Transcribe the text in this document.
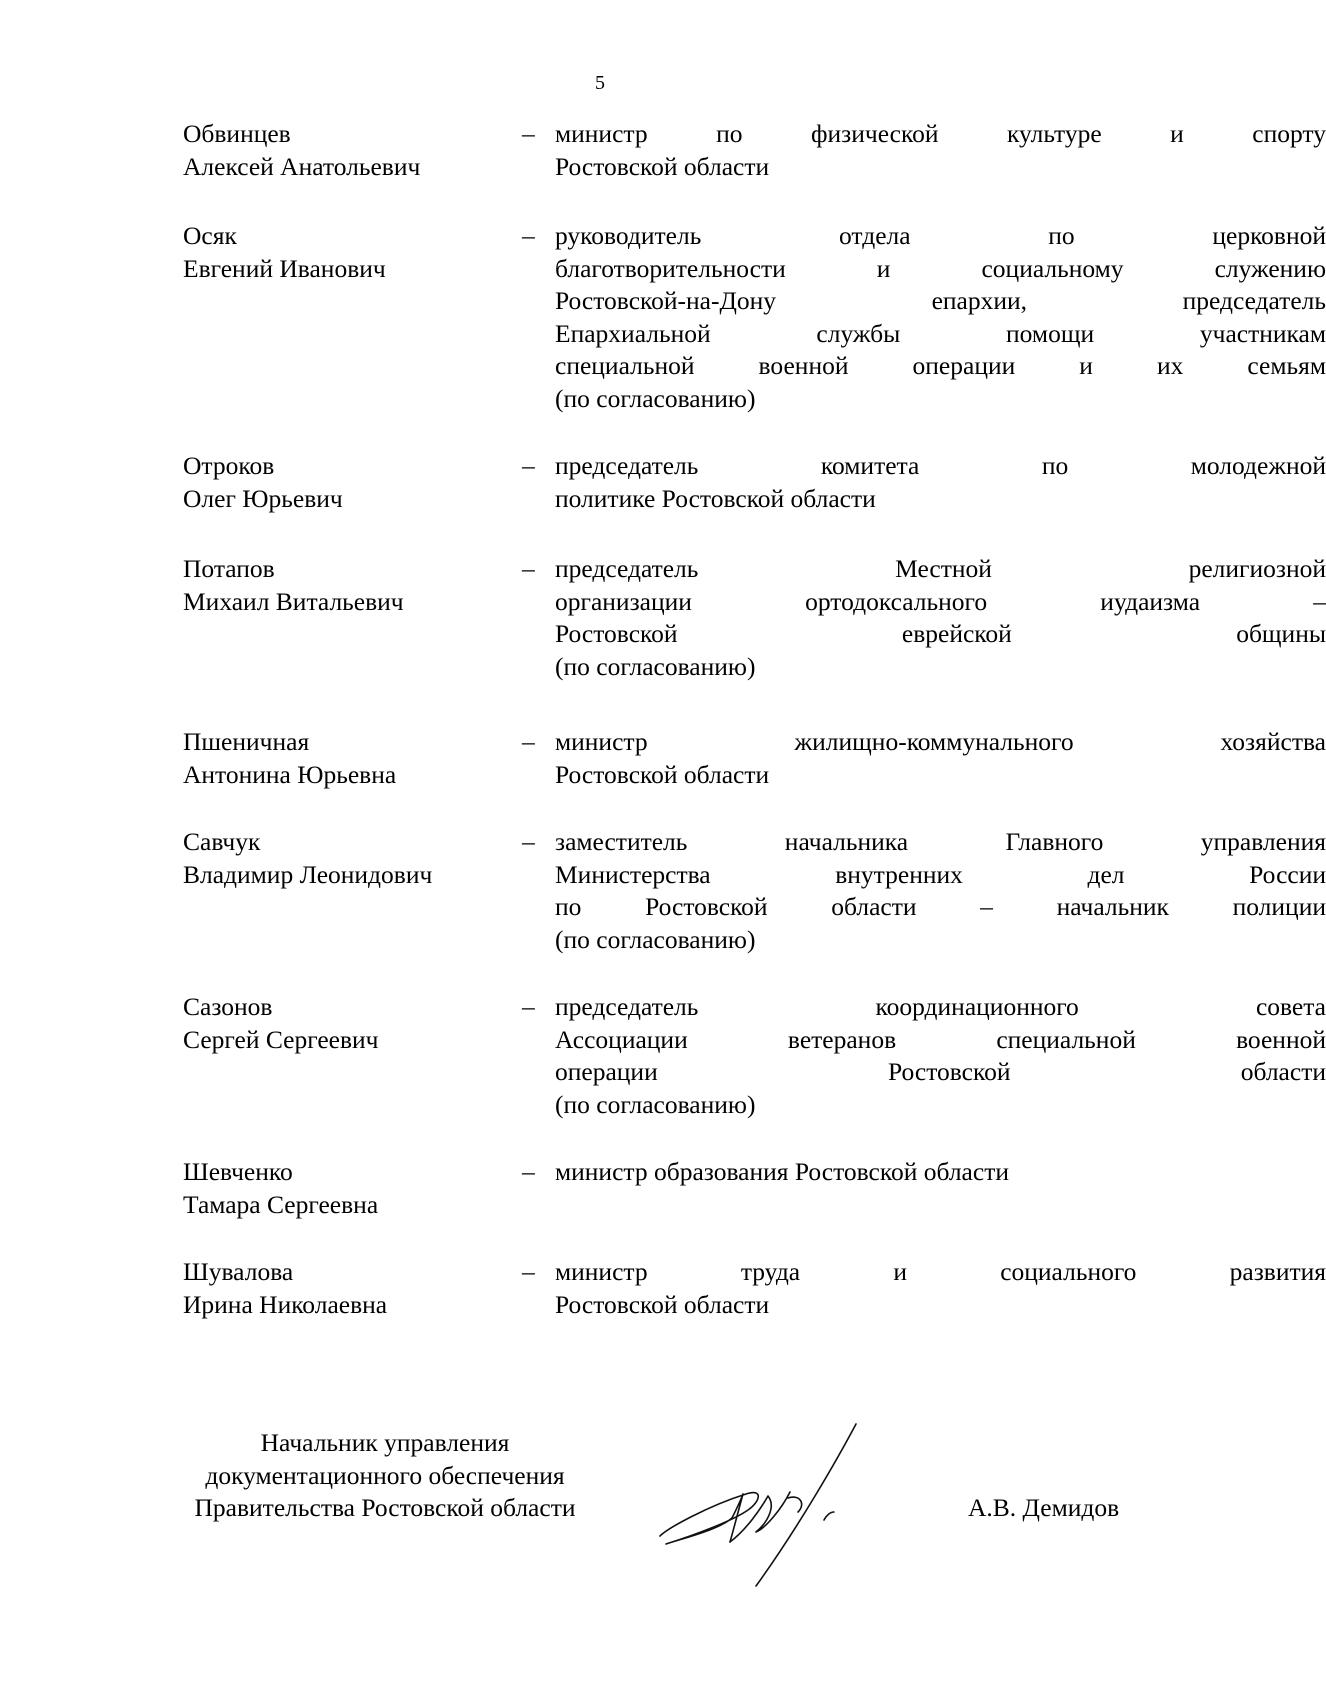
5
Обвинцев
Алексей Анатольевич
– министр по физической культуре и спорту
Ростовской области
Осяк
Евгений Иванович
– руководитель отдела по церковной
благотворительности и социальному служению
Ростовской-на-Дону епархии, председатель
Епархиальной службы помощи участникам
специальной военной операции и их семьям
(по согласованию)
Отроков
Олег Юрьевич
– председатель комитета по молодежной
политике Ростовской области
Потапов
Михаил Витальевич
– председатель Местной религиозной
организации ортодоксального иудаизма –
Ростовской еврейской общины
(по согласованию)
Пшеничная
Антонина Юрьевна
– министр жилищно-коммунального хозяйства
Ростовской области
Савчук
Владимир Леонидович
– заместитель начальника Главного управления
Министерства внутренних дел России
по Ростовской области – начальник полиции
(по согласованию)
Сазонов
Сергей Сергеевич
– председатель координационного совета
Ассоциации ветеранов специальной военной
операции Ростовской области
(по согласованию)
Шевченко
Тамара Сергеевна
– министр образования Ростовской области
Шувалова
Ирина Николаевна
– министр труда и социального развития
Ростовской области
Начальник управления
документационного обеспечения
Правительства Ростовской области	А.В. Демидов
